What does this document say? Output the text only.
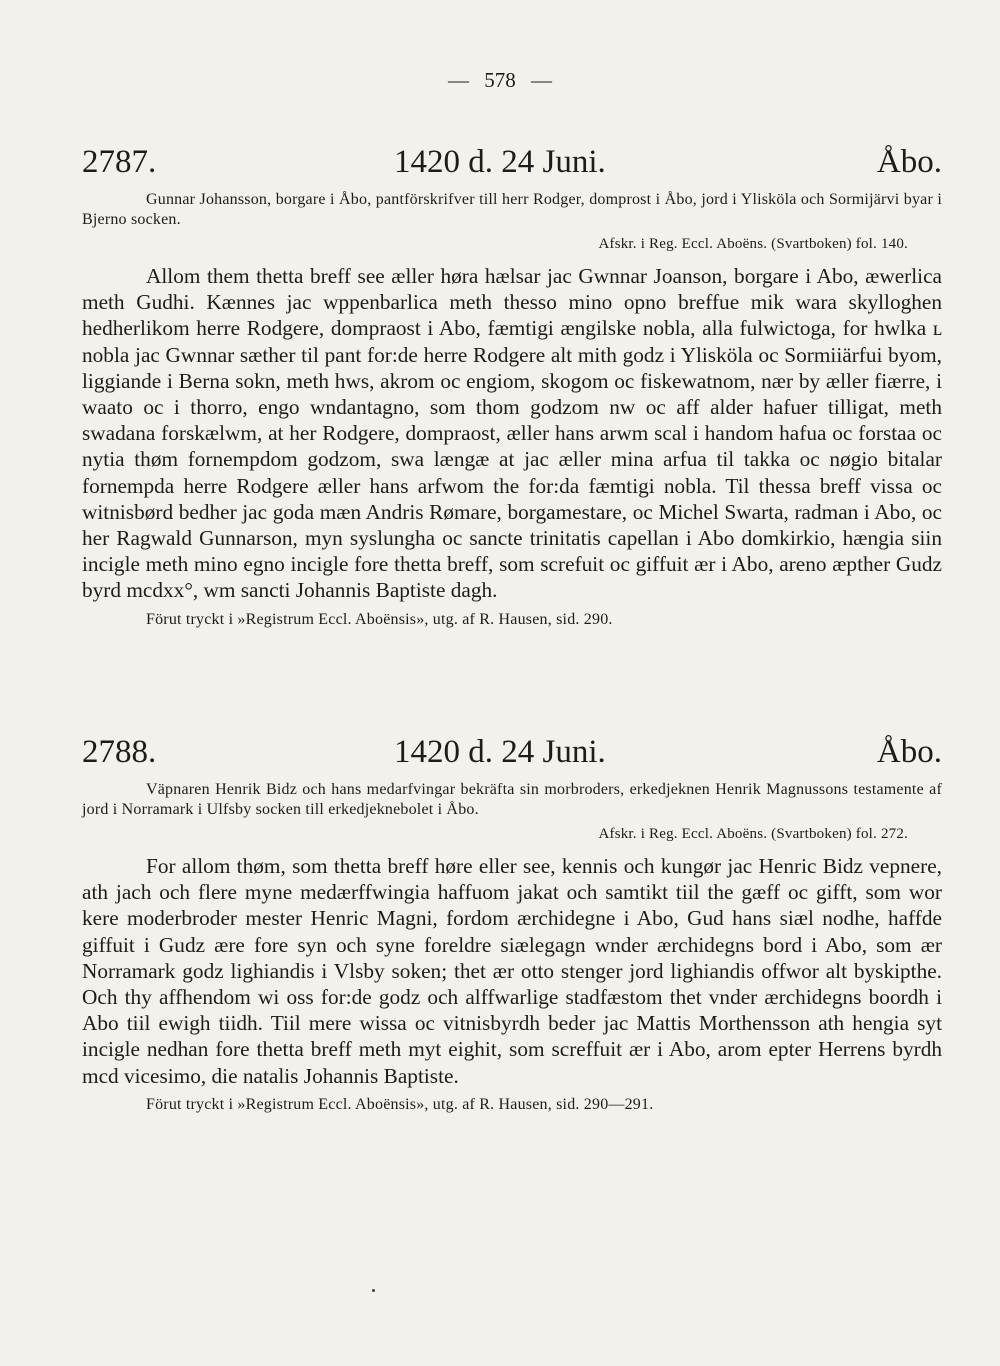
— 578 —
2787.	1420 d. 24 Juni.	Åbo.
Gunnar Johansson, borgare i Åbo, pantförskrifver till herr Rodger, domprost i Åbo, jord i Ylisköla och Sormijärvi byar i Bjerno socken.
Afskr. i Reg. Eccl. Aboëns. (Svartboken) fol. 140.
Allom them thetta breff see æller høra hælsar jac Gwnnar Joanson, borgare i Abo, æwerlica meth Gudhi. Kænnes jac wppenbarlica meth thesso mino opno breffue mik wara skylloghen hedherlikom herre Rodgere, dompraost i Abo, fæmtigi ængilske nobla, alla fulwictoga, for hwlka ʟ nobla jac Gwnnar sæther til pant for:de herre Rodgere alt mith godz i Ylisköla oc Sormiiärfui byom, liggiande i Berna sokn, meth hws, akrom oc engiom, skogom oc fiskewatnom, nær by æller fiærre, i waato oc i thorro, engo wndantagno, som thom godzom nw oc aff alder hafuer tilligat, meth swadana forskælwm, at her Rodgere, dompraost, æller hans arwm scal i handom hafua oc forstaa oc nytia thøm fornempdom godzom, swa længæ at jac æller mina arfua til takka oc nøgio bitalar fornempda herre Rodgere æller hans arfwom the for:da fæmtigi nobla. Til thessa breff vissa oc witnisbørd bedher jac goda mæn Andris Rømare, borgamestare, oc Michel Swarta, radman i Abo, oc her Ragwald Gunnarson, myn syslungha oc sancte trinitatis capellan i Abo domkirkio, hængia siin incigle meth mino egno incigle fore thetta breff, som screfuit oc giffuit ær i Abo, areno æpther Gudz byrd mcdxx°, wm sancti Johannis Baptiste dagh.
Förut tryckt i »Registrum Eccl. Aboënsis», utg. af R. Hausen, sid. 290.
2788.	1420 d. 24 Juni.	Åbo.
Väpnaren Henrik Bidz och hans medarfvingar bekräfta sin morbroders, erkedjeknen Henrik Magnussons testamente af jord i Norramark i Ulfsby socken till erkedjeknebolet i Åbo.
Afskr. i Reg. Eccl. Aboëns. (Svartboken) fol. 272.
For allom thøm, som thetta breff høre eller see, kennis och kungør jac Henric Bidz vepnere, ath jach och flere myne medærffwingia haffuom jakat och samtikt tiil the gæff oc gifft, som wor kere moderbroder mester Henric Magni, fordom ærchidegne i Abo, Gud hans siæl nodhe, haffde giffuit i Gudz ære fore syn och syne foreldre siælegagn wnder ærchidegns bord i Abo, som ær Norramark godz lighiandis i Vlsby soken; thet ær otto stenger jord lighiandis offwor alt byskipthe. Och thy affhendom wi oss for:de godz och alffwarlige stadfæstom thet vnder ærchidegns boordh i Abo tiil ewigh tiidh. Tiil mere wissa oc vitnisbyrdh beder jac Mattis Morthensson ath hengia syt incigle nedhan fore thetta breff meth myt eighit, som screffuit ær i Abo, arom epter Herrens byrdh mcd vicesimo, die natalis Johannis Baptiste.
Förut tryckt i »Registrum Eccl. Aboënsis», utg. af R. Hausen, sid. 290—291.
